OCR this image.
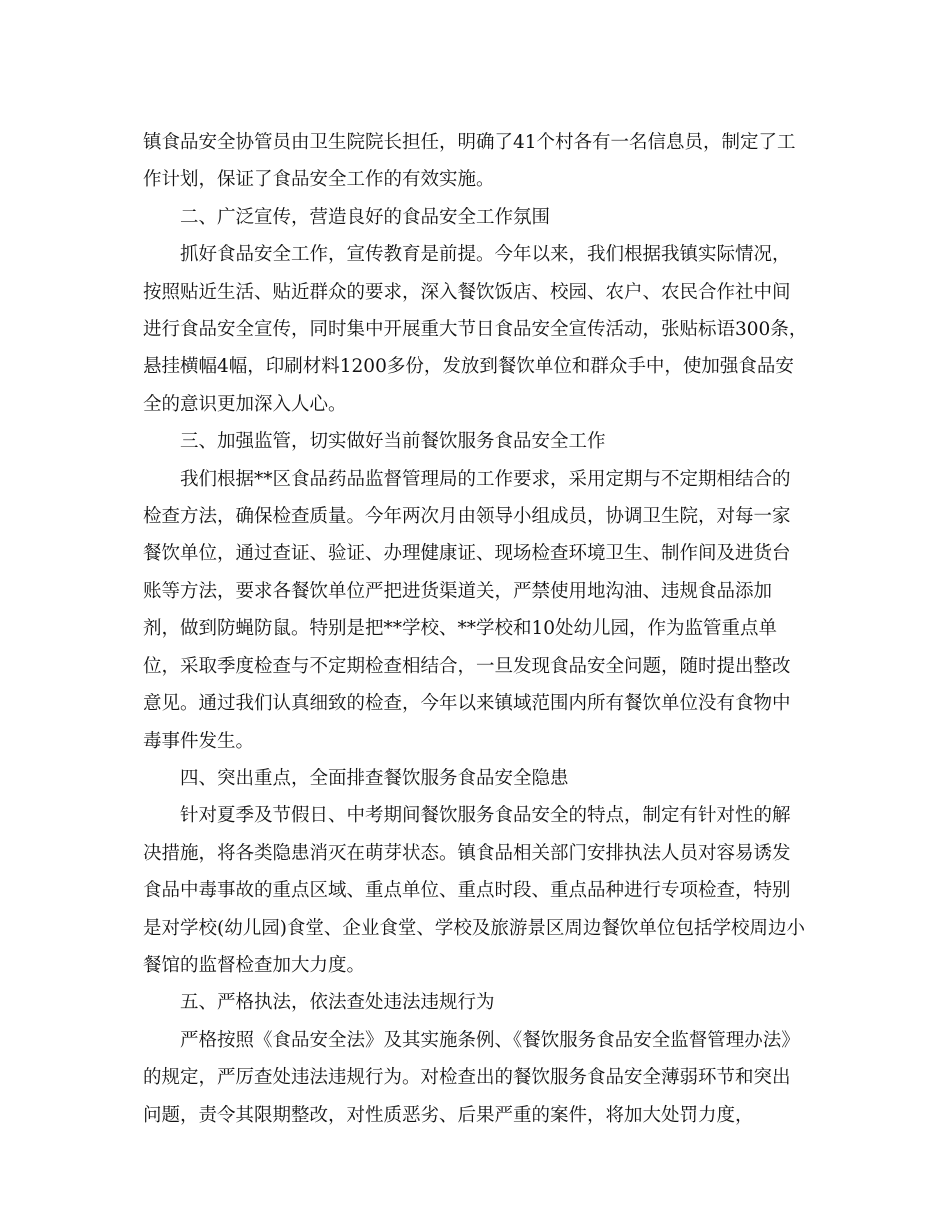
镇食品安全协管员由卫生院院长担任，明确了41个村各有一名信息员，制定了工作计划，保证了食品安全工作的有效实施。

二、广泛宣传，营造良好的食品安全工作氛围

抓好食品安全工作，宣传教育是前提。今年以来，我们根据我镇实际情况，按照贴近生活、贴近群众的要求，深入餐饮饭店、校园、农户、农民合作社中间进行食品安全宣传，同时集中开展重大节日食品安全宣传活动，张贴标语300条，悬挂横幅4幅，印刷材料1200多份，发放到餐饮单位和群众手中，使加强食品安全的意识更加深入人心。

三、加强监管，切实做好当前餐饮服务食品安全工作

我们根据**区食品药品监督管理局的工作要求，采用定期与不定期相结合的检查方法，确保检查质量。今年两次月由领导小组成员，协调卫生院，对每一家餐饮单位，通过查证、验证、办理健康证、现场检查环境卫生、制作间及进货台账等方法，要求各餐饮单位严把进货渠道关，严禁使用地沟油、违规食品添加剂，做到防蝇防鼠。特别是把**学校、**学校和10处幼儿园，作为监管重点单位，采取季度检查与不定期检查相结合，一旦发现食品安全问题，随时提出整改意见。通过我们认真细致的检查，今年以来镇域范围内所有餐饮单位没有食物中毒事件发生。

四、突出重点，全面排查餐饮服务食品安全隐患

针对夏季及节假日、中考期间餐饮服务食品安全的特点，制定有针对性的解决措施，将各类隐患消灭在萌芽状态。镇食品相关部门安排执法人员对容易诱发食品中毒事故的重点区域、重点单位、重点时段、重点品种进行专项检查，特别是对学校(幼儿园)食堂、企业食堂、学校及旅游景区周边餐饮单位包括学校周边小餐馆的监督检查加大力度。

五、严格执法，依法查处违法违规行为

严格按照《食品安全法》及其实施条例、《餐饮服务食品安全监督管理办法》的规定，严厉查处违法违规行为。对检查出的餐饮服务食品安全薄弱环节和突出问题，责令其限期整改，对性质恶劣、后果严重的案件，将加大处罚力度，
